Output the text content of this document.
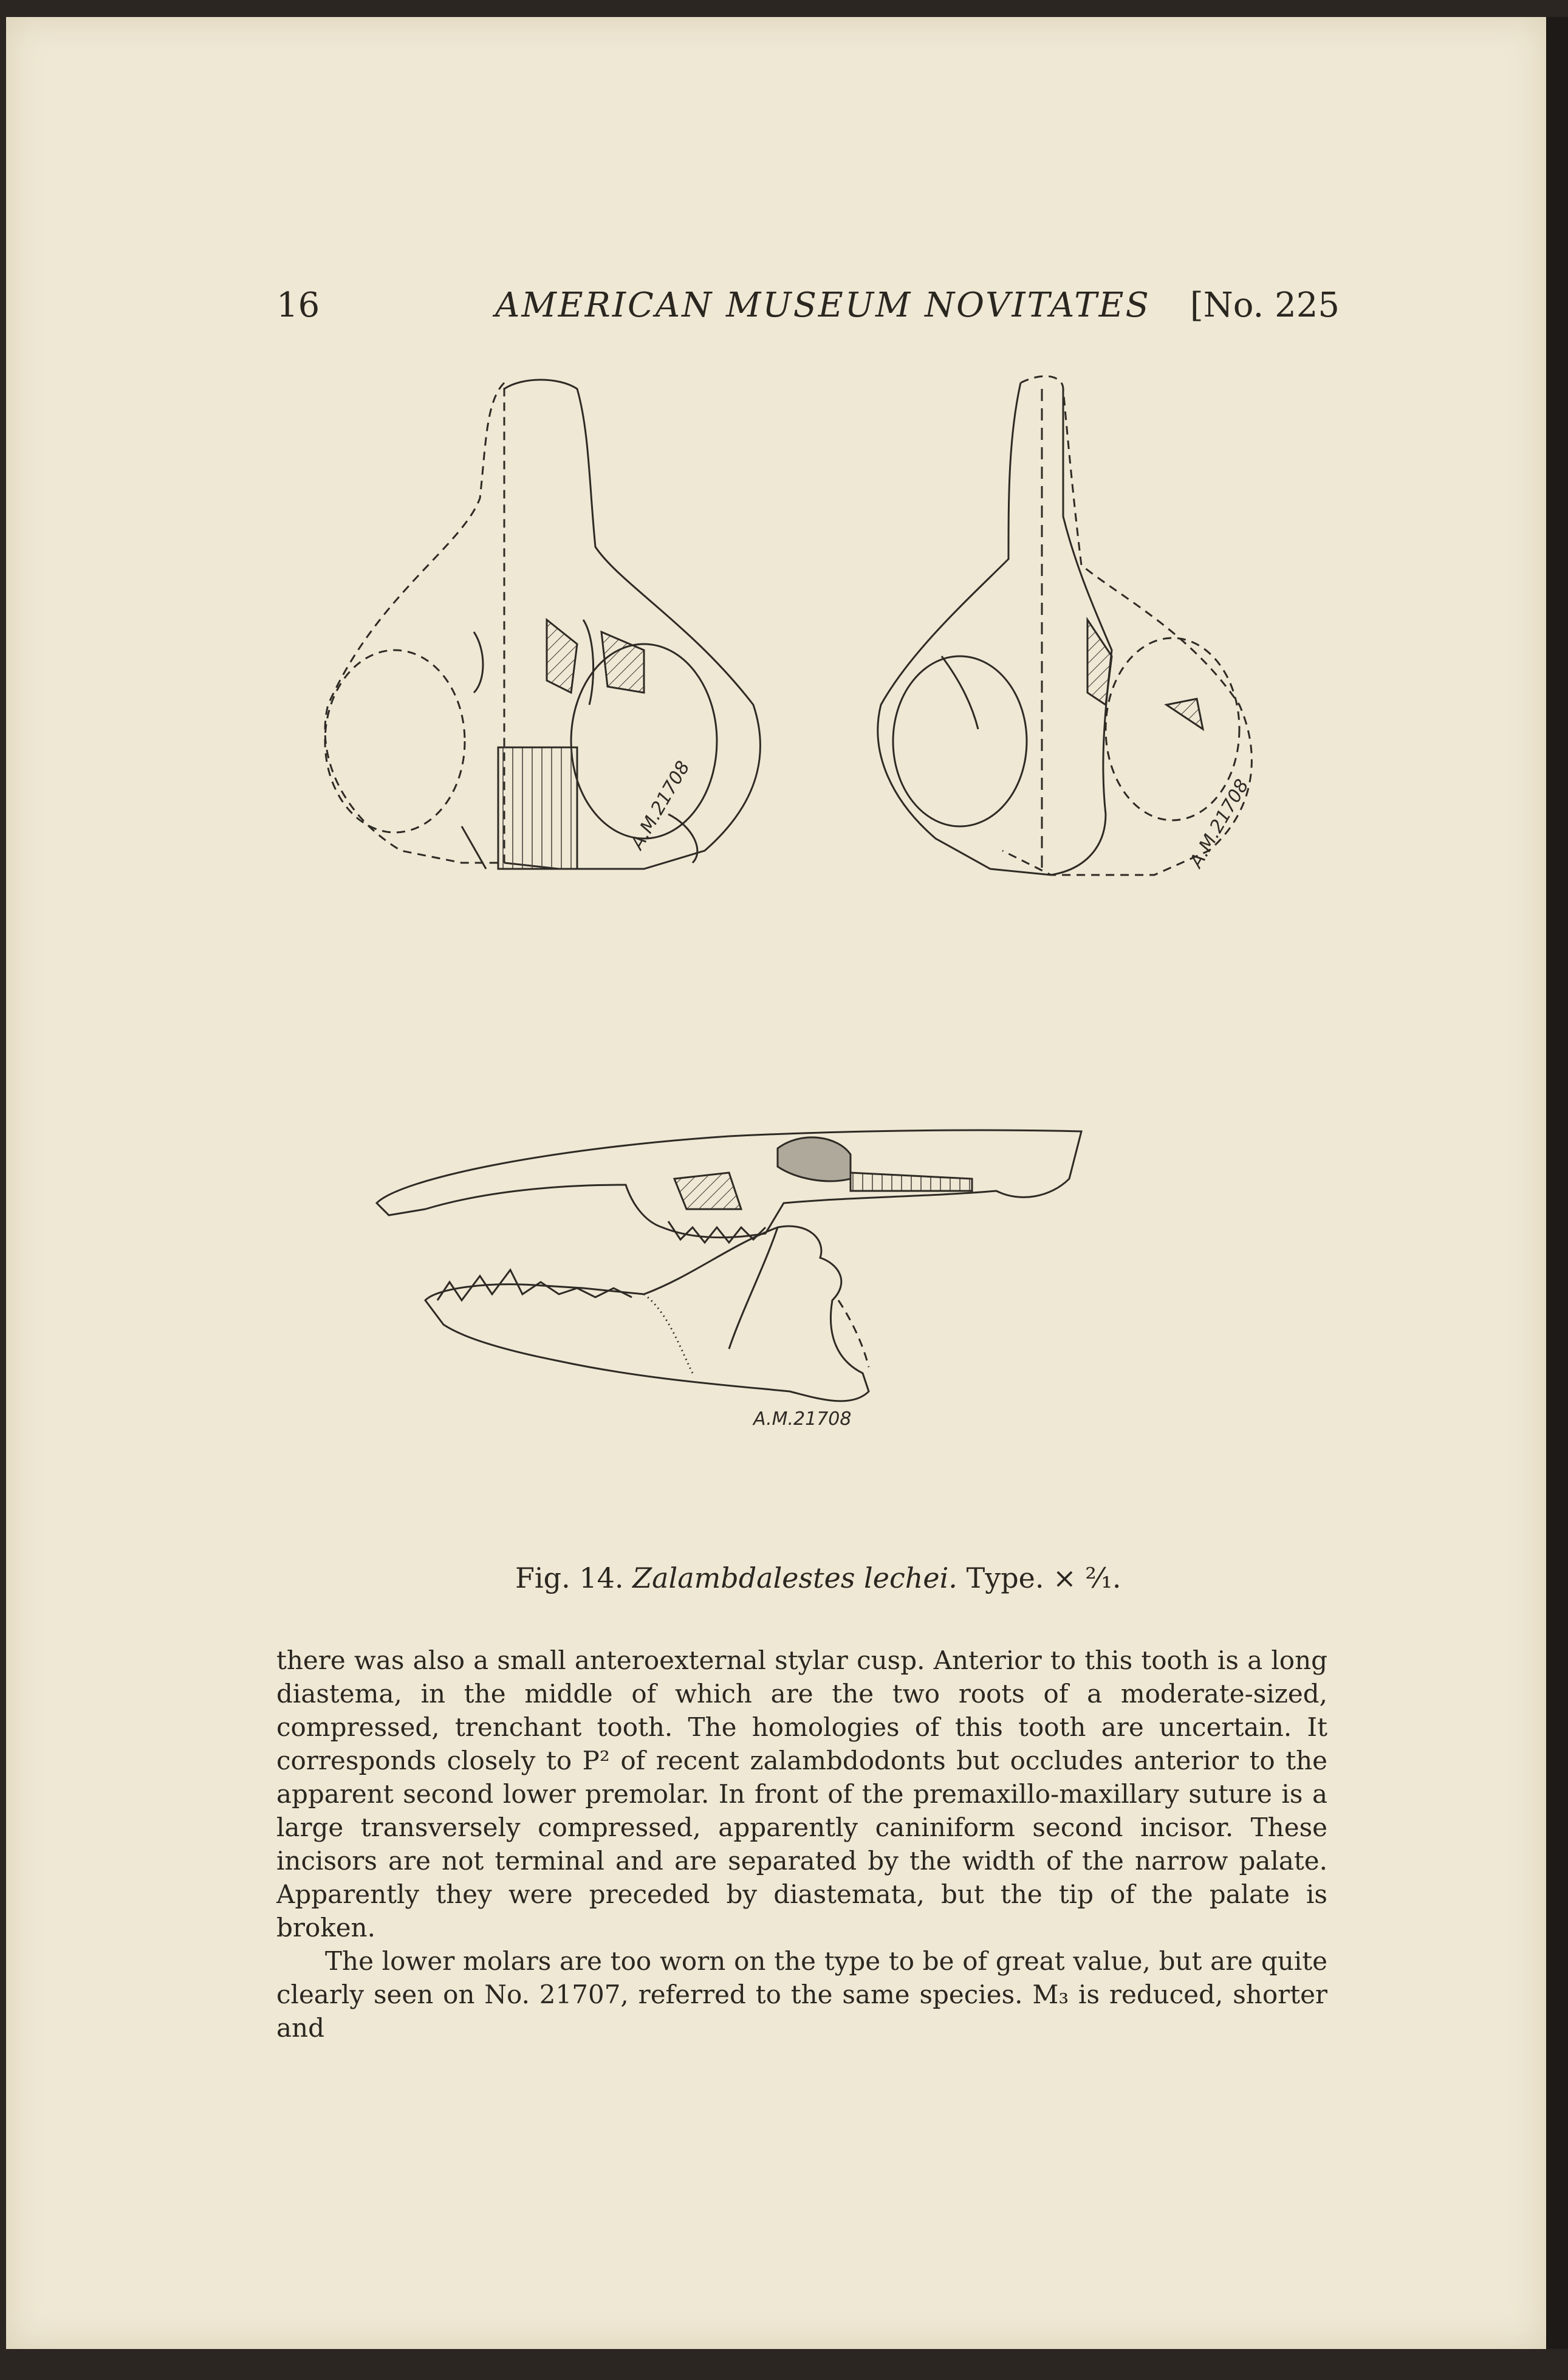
16	AMERICAN MUSEUM NOVITATES [No. 225
A.M.21708	A.M.21708
A.M.21708
Fig. 14. Zalambdalestes lechei. Type. × ²⁄₁.

there was also a small anteroexternal stylar cusp. Anterior to this tooth is a long diastema, in the middle of which are the two roots of a moderate-sized, compressed, trenchant tooth. The homologies of this tooth are uncertain. It corresponds closely to P² of recent zalambdodonts but occludes anterior to the apparent second lower premolar. In front of the premaxillo-maxillary suture is a large transversely compressed, apparently caniniform second incisor. These incisors are not terminal and are separated by the width of the narrow palate. Apparently they were preceded by diastemata, but the tip of the palate is broken.

The lower molars are too worn on the type to be of great value, but are quite clearly seen on No. 21707, referred to the same species. M₃ is reduced, shorter and
